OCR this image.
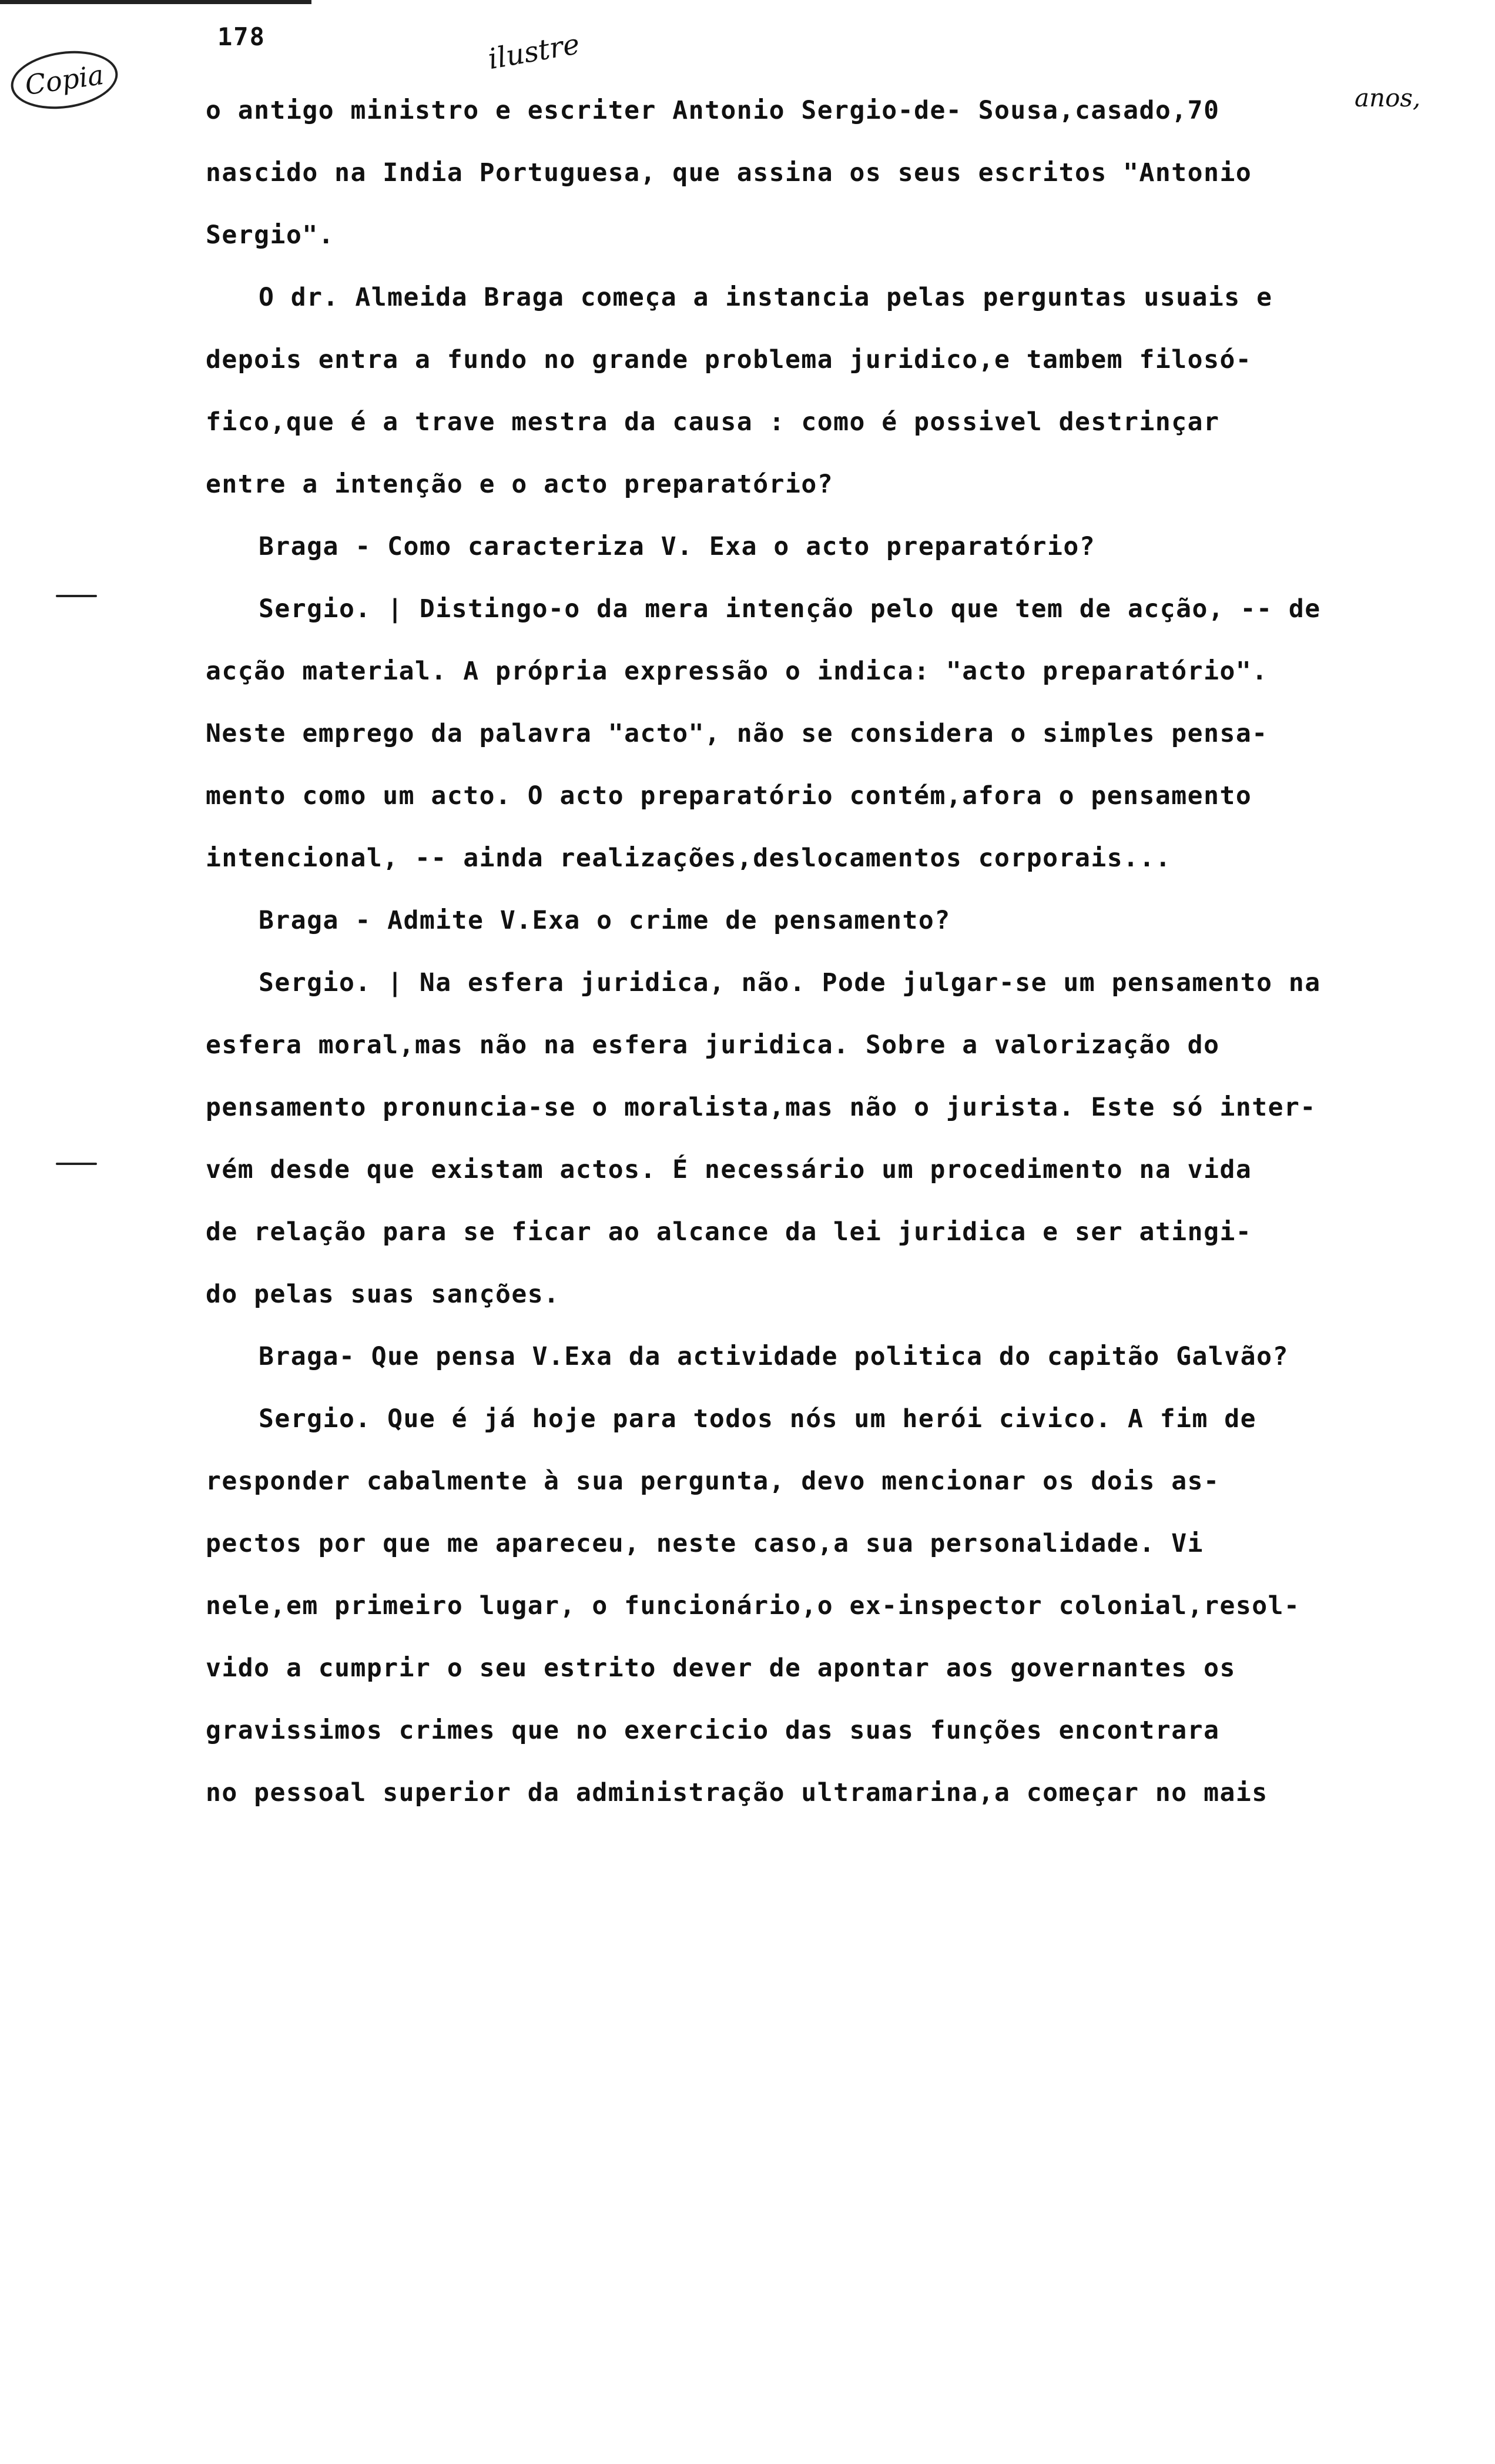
Copia
178	ilustre
anos,
o antigo ministro e escriter Antonio Sergio-de- Sousa,casado,70
nascido na India Portuguesa, que assina os seus escritos "Antonio
Sergio".
O dr. Almeida Braga começa a instancia pelas perguntas usuais e
depois entra a fundo no grande problema juridico,e tambem filosó-
fico,que é a trave mestra da causa : como é possivel destrinçar
entre a intenção e o acto preparatório?
Braga - Como caracteriza V. Exa o acto preparatório?
Sergio. | Distingo-o da mera intenção pelo que tem de acção, -- de
acção material. A própria expressão o indica: "acto preparatório".
Neste emprego da palavra "acto", não se considera o simples pensa-
mento como um acto. O acto preparatório contém,afora o pensamento
intencional, -- ainda realizações,deslocamentos corporais...
Braga - Admite V.Exa o crime de pensamento?
Sergio. | Na esfera juridica, não. Pode julgar-se um pensamento na
esfera moral,mas não na esfera juridica. Sobre a valorização do
pensamento pronuncia-se o moralista,mas não o jurista. Este só inter-
vém desde que existam actos. É necessário um procedimento na vida
de relação para se ficar ao alcance da lei juridica e ser atingi-
do pelas suas sanções.
Braga- Que pensa V.Exa da actividade politica do capitão Galvão?
Sergio. Que é já hoje para todos nós um herói civico. A fim de
responder cabalmente à sua pergunta, devo mencionar os dois as-
pectos por que me apareceu, neste caso,a sua personalidade. Vi
nele,em primeiro lugar, o funcionário,o ex-inspector colonial,resol-
vido a cumprir o seu estrito dever de apontar aos governantes os
gravissimos crimes que no exercicio das suas funções encontrara
no pessoal superior da administração ultramarina,a começar no mais
